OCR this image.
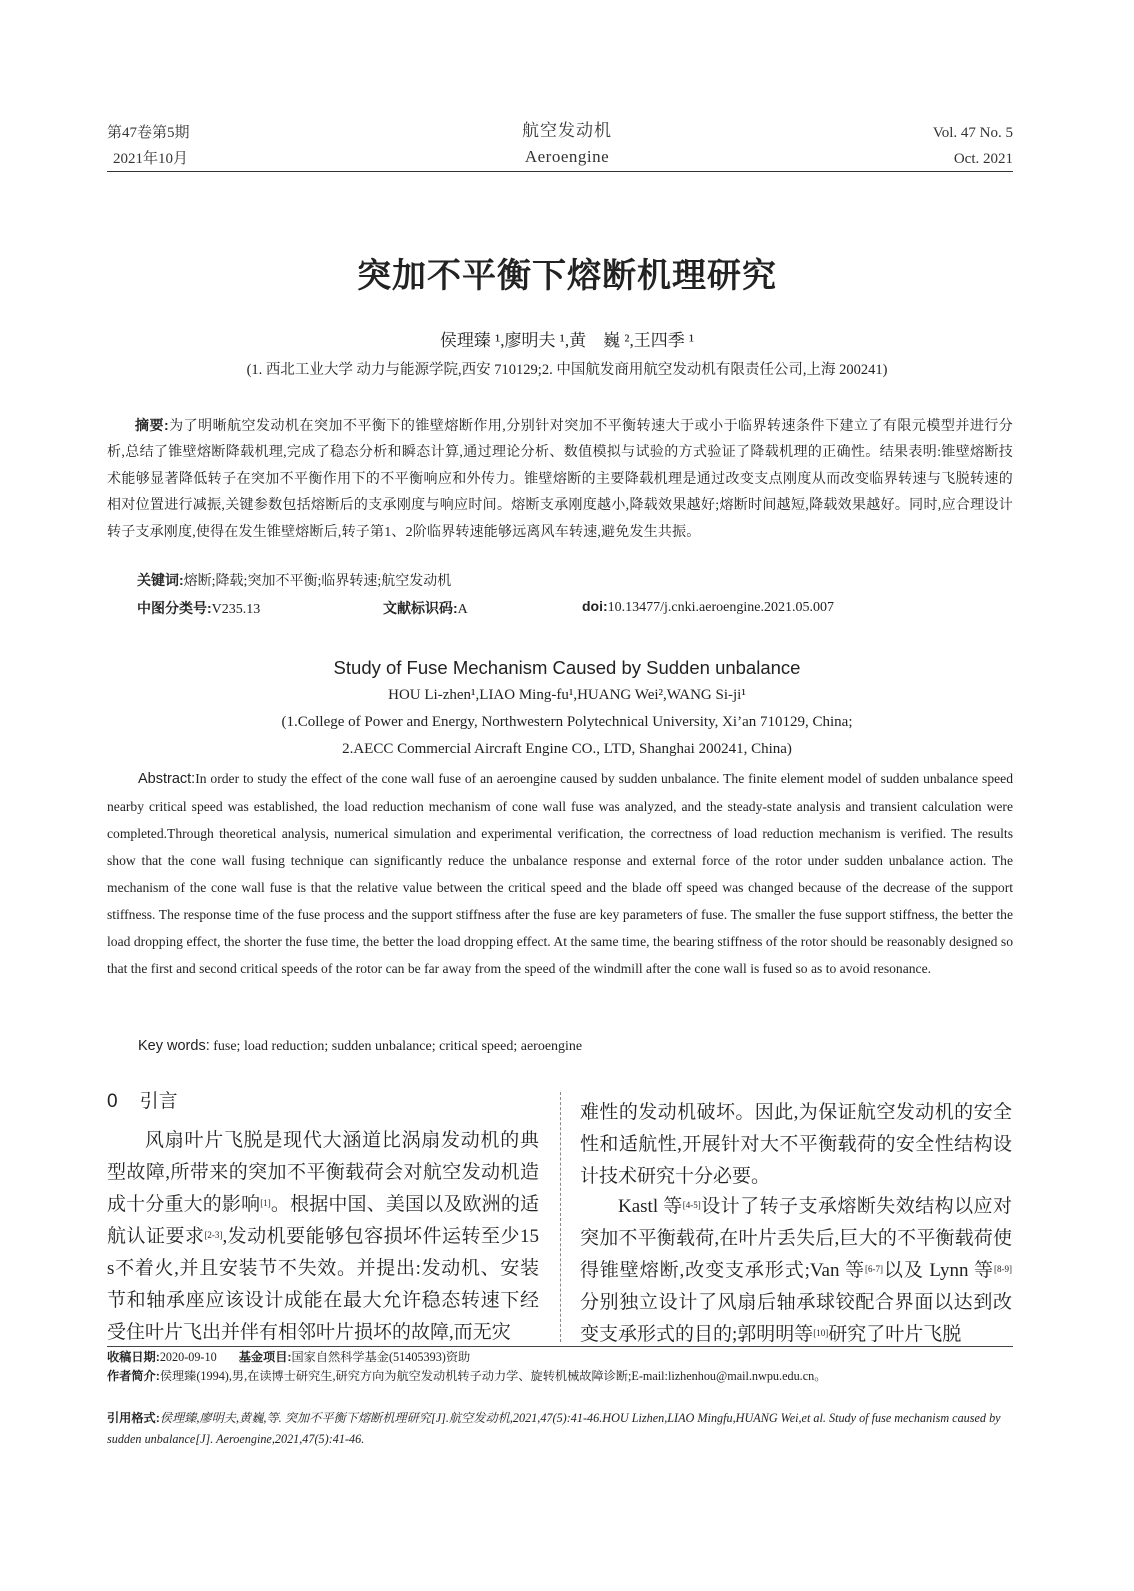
第47卷第5期
2021年10月
航空发动机
Aeroengine
Vol. 47 No. 5
Oct. 2021
突加不平衡下熔断机理研究
侯理臻 ¹,廖明夫 ¹,黄　巍 ²,王四季 ¹
(1. 西北工业大学 动力与能源学院,西安 710129;2. 中国航发商用航空发动机有限责任公司,上海 200241)
摘要:为了明晰航空发动机在突加不平衡下的锥壁熔断作用,分别针对突加不平衡转速大于或小于临界转速条件下建立了有限元模型并进行分析,总结了锥壁熔断降载机理,完成了稳态分析和瞬态计算,通过理论分析、数值模拟与试验的方式验证了降载机理的正确性。结果表明:锥壁熔断技术能够显著降低转子在突加不平衡作用下的不平衡响应和外传力。锥壁熔断的主要降载机理是通过改变支点刚度从而改变临界转速与飞脱转速的相对位置进行减振,关键参数包括熔断后的支承刚度与响应时间。熔断支承刚度越小,降载效果越好;熔断时间越短,降载效果越好。同时,应合理设计转子支承刚度,使得在发生锥壁熔断后,转子第1、2阶临界转速能够远离风车转速,避免发生共振。
关键词:熔断;降载;突加不平衡;临界转速;航空发动机
中图分类号:V235.13	文献标识码:A	doi:10.13477/j.cnki.aeroengine.2021.05.007
Study of Fuse Mechanism Caused by Sudden unbalance
HOU Li-zhen¹,LIAO Ming-fu¹,HUANG Wei²,WANG Si-ji¹
(1.College of Power and Energy, Northwestern Polytechnical University, Xi’an 710129, China;
2.AECC Commercial Aircraft Engine CO., LTD, Shanghai 200241, China)
Abstract:In order to study the effect of the cone wall fuse of an aeroengine caused by sudden unbalance. The finite element model of sudden unbalance speed nearby critical speed was established, the load reduction mechanism of cone wall fuse was analyzed, and the steady-state analysis and transient calculation were completed.Through theoretical analysis, numerical simulation and experimental verification, the correctness of load reduction mechanism is verified. The results show that the cone wall fusing technique can significantly reduce the unbalance response and external force of the rotor under sudden unbalance action. The mechanism of the cone wall fuse is that the relative value between the critical speed and the blade off speed was changed because of the decrease of the support stiffness. The response time of the fuse process and the support stiffness after the fuse are key parameters of fuse. The smaller the fuse support stiffness, the better the load dropping effect, the shorter the fuse time, the better the load dropping effect. At the same time, the bearing stiffness of the rotor should be reasonably designed so that the first and second critical speeds of the rotor can be far away from the speed of the windmill after the cone wall is fused so as to avoid resonance.
Key words: fuse; load reduction; sudden unbalance; critical speed; aeroengine
0 引言
风扇叶片飞脱是现代大涵道比涡扇发动机的典型故障,所带来的突加不平衡载荷会对航空发动机造成十分重大的影响[1]。根据中国、美国以及欧洲的适航认证要求[2-3],发动机要能够包容损坏件运转至少15 s不着火,并且安装节不失效。并提出:发动机、安装节和轴承座应该设计成能在最大允许稳态转速下经受住叶片飞出并伴有相邻叶片损坏的故障,而无灾
难性的发动机破坏。因此,为保证航空发动机的安全性和适航性,开展针对大不平衡载荷的安全性结构设计技术研究十分必要。
Kastl 等[4-5]设计了转子支承熔断失效结构以应对突加不平衡载荷,在叶片丢失后,巨大的不平衡载荷使得锥壁熔断,改变支承形式;Van 等[6-7]以及 Lynn 等[8-9]分别独立设计了风扇后轴承球铰配合界面以达到改变支承形式的目的;郭明明等[10]研究了叶片飞脱
收稿日期:2020-09-10 基金项目:国家自然科学基金(51405393)资助
作者简介:侯理臻(1994),男,在读博士研究生,研究方向为航空发动机转子动力学、旋转机械故障诊断;E-mail:lizhenhou@mail.nwpu.edu.cn。
引用格式:侯理臻,廖明夫,黄巍,等. 突加不平衡下熔断机理研究[J].航空发动机,2021,47(5):41-46.HOU Lizhen,LIAO Mingfu,HUANG Wei,et al. Study of fuse mechanism caused by sudden unbalance[J]. Aeroengine,2021,47(5):41-46.
